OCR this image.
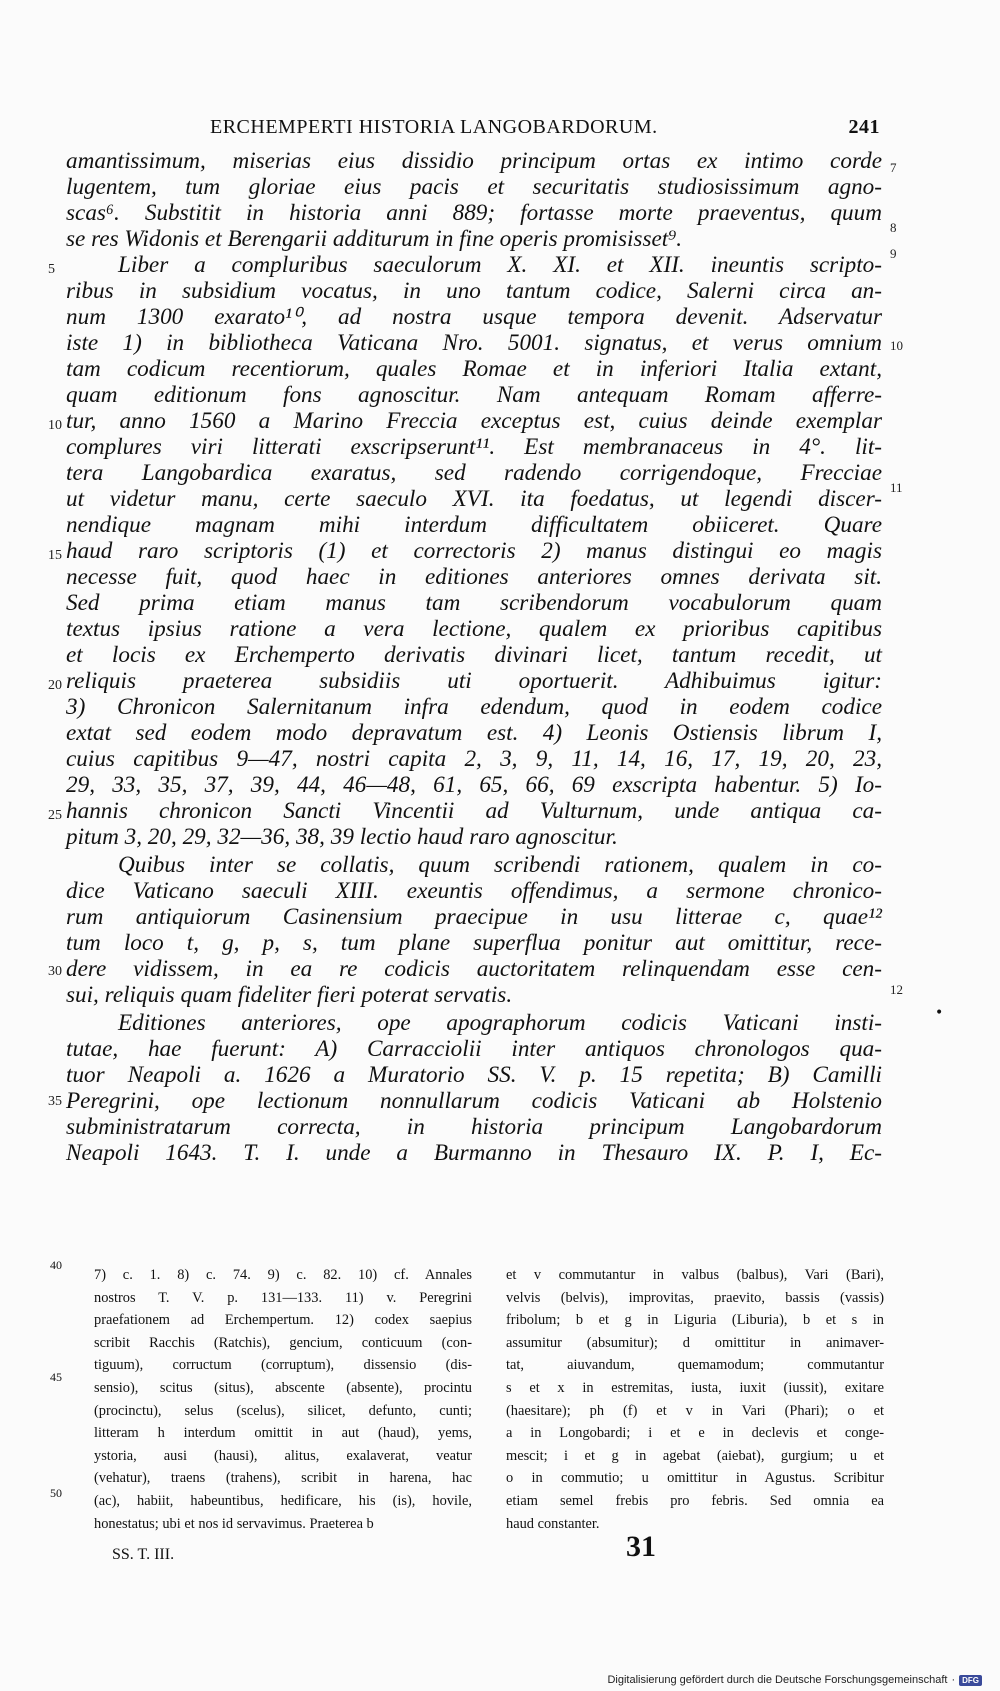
ERCHEMPERTI HISTORIA LANGOBARDORUM.	241
amantissimum, miserias eius dissidio principum ortas ex intimo corde
lugentem, tum gloriae eius pacis et securitatis studiosissimum agno-
scas⁶. Substitit in historia anni 889; fortasse morte praeventus, quum
se res Widonis et Berengarii additurum in fine operis promisisset⁹.
Liber a compluribus saeculorum X. XI. et XII. ineuntis scripto-
ribus in subsidium vocatus, in uno tantum codice, Salerni circa an-
num 1300 exarato¹⁰, ad nostra usque tempora devenit. Adservatur
iste 1) in bibliotheca Vaticana Nro. 5001. signatus, et verus omnium
tam codicum recentiorum, quales Romae et in inferiori Italia extant,
quam editionum fons agnoscitur. Nam antequam Romam afferre-
tur, anno 1560 a Marino Freccia exceptus est, cuius deinde exemplar
complures viri litterati exscripserunt¹¹. Est membranaceus in 4°. lit-
tera Langobardica exaratus, sed radendo corrigendoque, Frecciae
ut videtur manu, certe saeculo XVI. ita foedatus, ut legendi discer-
nendique magnam mihi interdum difficultatem obiiceret. Quare
haud raro scriptoris (1) et correctoris 2) manus distingui eo magis
necesse fuit, quod haec in editiones anteriores omnes derivata sit.
Sed prima etiam manus tam scribendorum vocabulorum quam
textus ipsius ratione a vera lectione, qualem ex prioribus capitibus
et locis ex Erchemperto derivatis divinari licet, tantum recedit, ut
reliquis praeterea subsidiis uti oportuerit. Adhibuimus igitur:
3) Chronicon Salernitanum infra edendum, quod in eodem codice
extat sed eodem modo depravatum est. 4) Leonis Ostiensis librum I,
cuius capitibus 9—47, nostri capita 2, 3, 9, 11, 14, 16, 17, 19, 20, 23,
29, 33, 35, 37, 39, 44, 46—48, 61, 65, 66, 69 exscripta habentur. 5) Io-
hannis chronicon Sancti Vincentii ad Vulturnum, unde antiqua ca-
pitum 3, 20, 29, 32—36, 38, 39 lectio haud raro agnoscitur.
Quibus inter se collatis, quum scribendi rationem, qualem in co-
dice Vaticano saeculi XIII. exeuntis offendimus, a sermone chronico-
rum antiquiorum Casinensium praecipue in usu litterae c, quae¹²
tum loco t, g, p, s, tum plane superflua ponitur aut omittitur, rece-
dere vidissem, in ea re codicis auctoritatem relinquendam esse cen-
sui, reliquis quam fideliter fieri poterat servatis.
Editiones anteriores, ope apographorum codicis Vaticani insti-
tutae, hae fuerunt: A) Carracciolii inter antiquos chronologos qua-
tuor Neapoli a. 1626 a Muratorio SS. V. p. 15 repetita; B) Camilli
Peregrini, ope lectionum nonnullarum codicis Vaticani ab Holstenio
subministratarum correcta, in historia principum Langobardorum
Neapoli 1643. T. I. unde a Burmanno in Thesauro IX. P. I, Ec-
5
10
15
20
25
30
35
7
8
9
10
11
12
•
7) c. 1. 8) c. 74. 9) c. 82. 10) cf. Annales
nostros T. V. p. 131—133. 11) v. Peregrini
praefationem ad Erchempertum. 12) codex saepius
scribit Racchis (Ratchis), gencium, conticuum (con-
tiguum), corructum (corruptum), dissensio (dis-
sensio), scitus (situs), abscente (absente), procintu
(procinctu), selus (scelus), silicet, defunto, cunti;
litteram h interdum omittit in aut (haud), yems,
ystoria, ausi (hausi), alitus, exalaverat, veatur
(vehatur), traens (trahens), scribit in harena, hac
(ac), habiit, habeuntibus, hedificare, his (is), hovile,
honestatus; ubi et nos id servavimus. Praeterea b
et v commutantur in valbus (balbus), Vari (Bari),
velvis (belvis), improvitas, praevito, bassis (vassis)
fribolum; b et g in Liguria (Liburia), b et s in
assumitur (absumitur); d omittitur in animaver-
tat, aiuvandum, quemamodum; commutantur
s et x in estremitas, iusta, iuxit (iussit), exitare
(haesitare); ph (f) et v in Vari (Phari); o et
a in Longobardi; i et e in declevis et conge-
mescit; i et g in agebat (aiebat), gurgium; u et
o in commutio; u omittitur in Agustus. Scribitur
etiam semel frebis pro febris. Sed omnia ea
haud constanter.
40
45
50
SS. T. III.	31
Digitalisierung gefördert durch die Deutsche Forschungsgemeinschaft · DFG
